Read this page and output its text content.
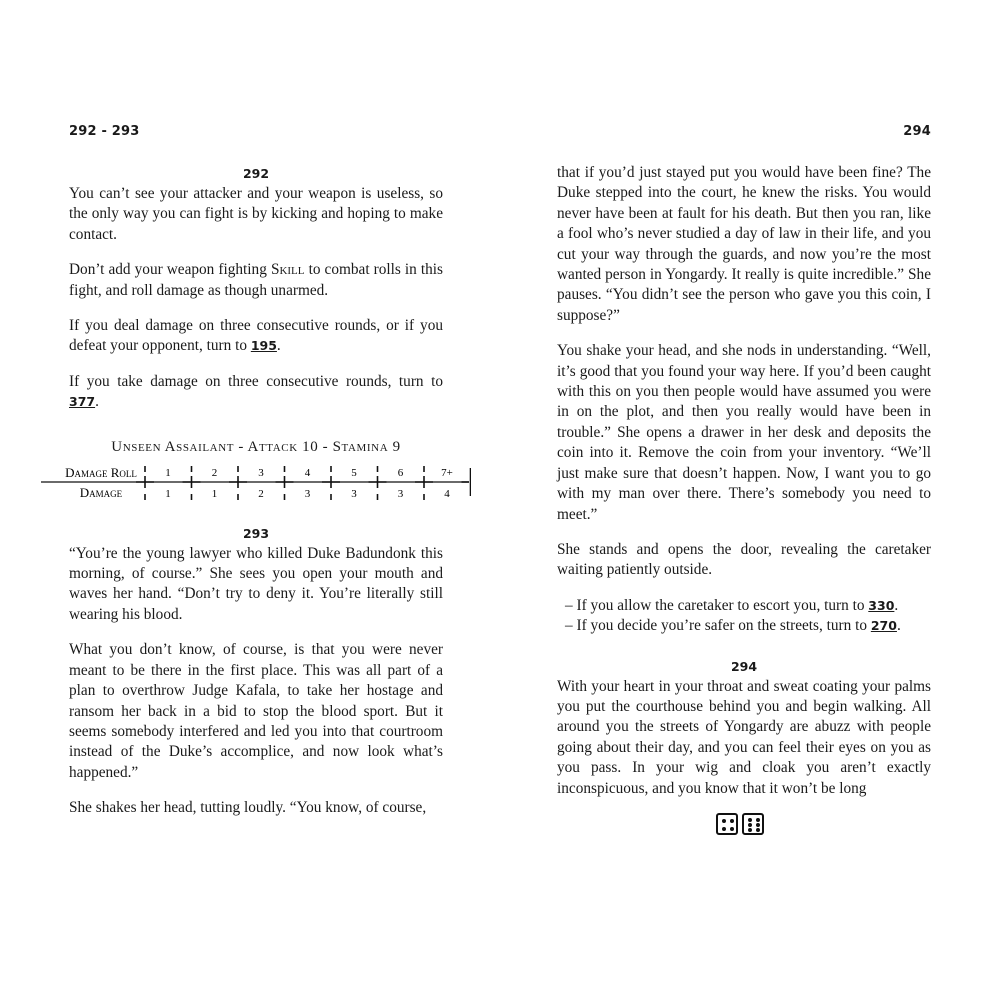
292 - 293
292

You can’t see your attacker and your weapon is useless, so the only way you can fight is by kicking and hoping to make contact.

Don’t add your weapon fighting Skill to combat rolls in this fight, and roll damage as though unarmed.

If you deal damage on three consecutive rounds, or if you defeat your opponent, turn to 195.

If you take damage on three consecutive rounds, turn to 377.

Unseen Assailant - Attack 10 - Stamina 9
Damage Roll
Damage
1
1
2
1
3
2
4
3
5
3
6
3
7+
4
293

“You’re the young lawyer who killed Duke Badundonk this morning, of course.” She sees you open your mouth and waves her hand. “Don’t try to deny it. You’re literally still wearing his blood.

What you don’t know, of course, is that you were never meant to be there in the first place. This was all part of a plan to overthrow Judge Kafala, to take her hostage and ransom her back in a bid to stop the blood sport. But it seems somebody interfered and led you into that courtroom instead of the Duke’s accomplice, and now look what’s happened.”

She shakes her head, tutting loudly. “You know, of course,

294

that if you’d just stayed put you would have been fine? The Duke stepped into the court, he knew the risks. You would never have been at fault for his death. But then you ran, like a fool who’s never studied a day of law in their life, and you cut your way through the guards, and now you’re the most wanted person in Yongardy. It really is quite incredible.” She pauses. “You didn’t see the person who gave you this coin, I suppose?”

You shake your head, and she nods in understanding. “Well, it’s good that you found your way here. If you’d been caught with this on you then people would have assumed you were in on the plot, and then you really would have been in trouble.” She opens a drawer in her desk and deposits the coin into it. Remove the coin from your inventory. “We’ll just make sure that doesn’t happen. Now, I want you to go with my man over there. There’s somebody you need to meet.”

She stands and opens the door, revealing the caretaker waiting patiently outside.

– If you allow the caretaker to escort you, turn to 330.
– If you decide you’re safer on the streets, turn to 270.
294

With your heart in your throat and sweat coating your palms you put the courthouse behind you and begin walking. All around you the streets of Yongardy are abuzz with people going about their day, and you can feel their eyes on you as you pass. In your wig and cloak you aren’t exactly inconspicuous, and you know that it won’t be long
